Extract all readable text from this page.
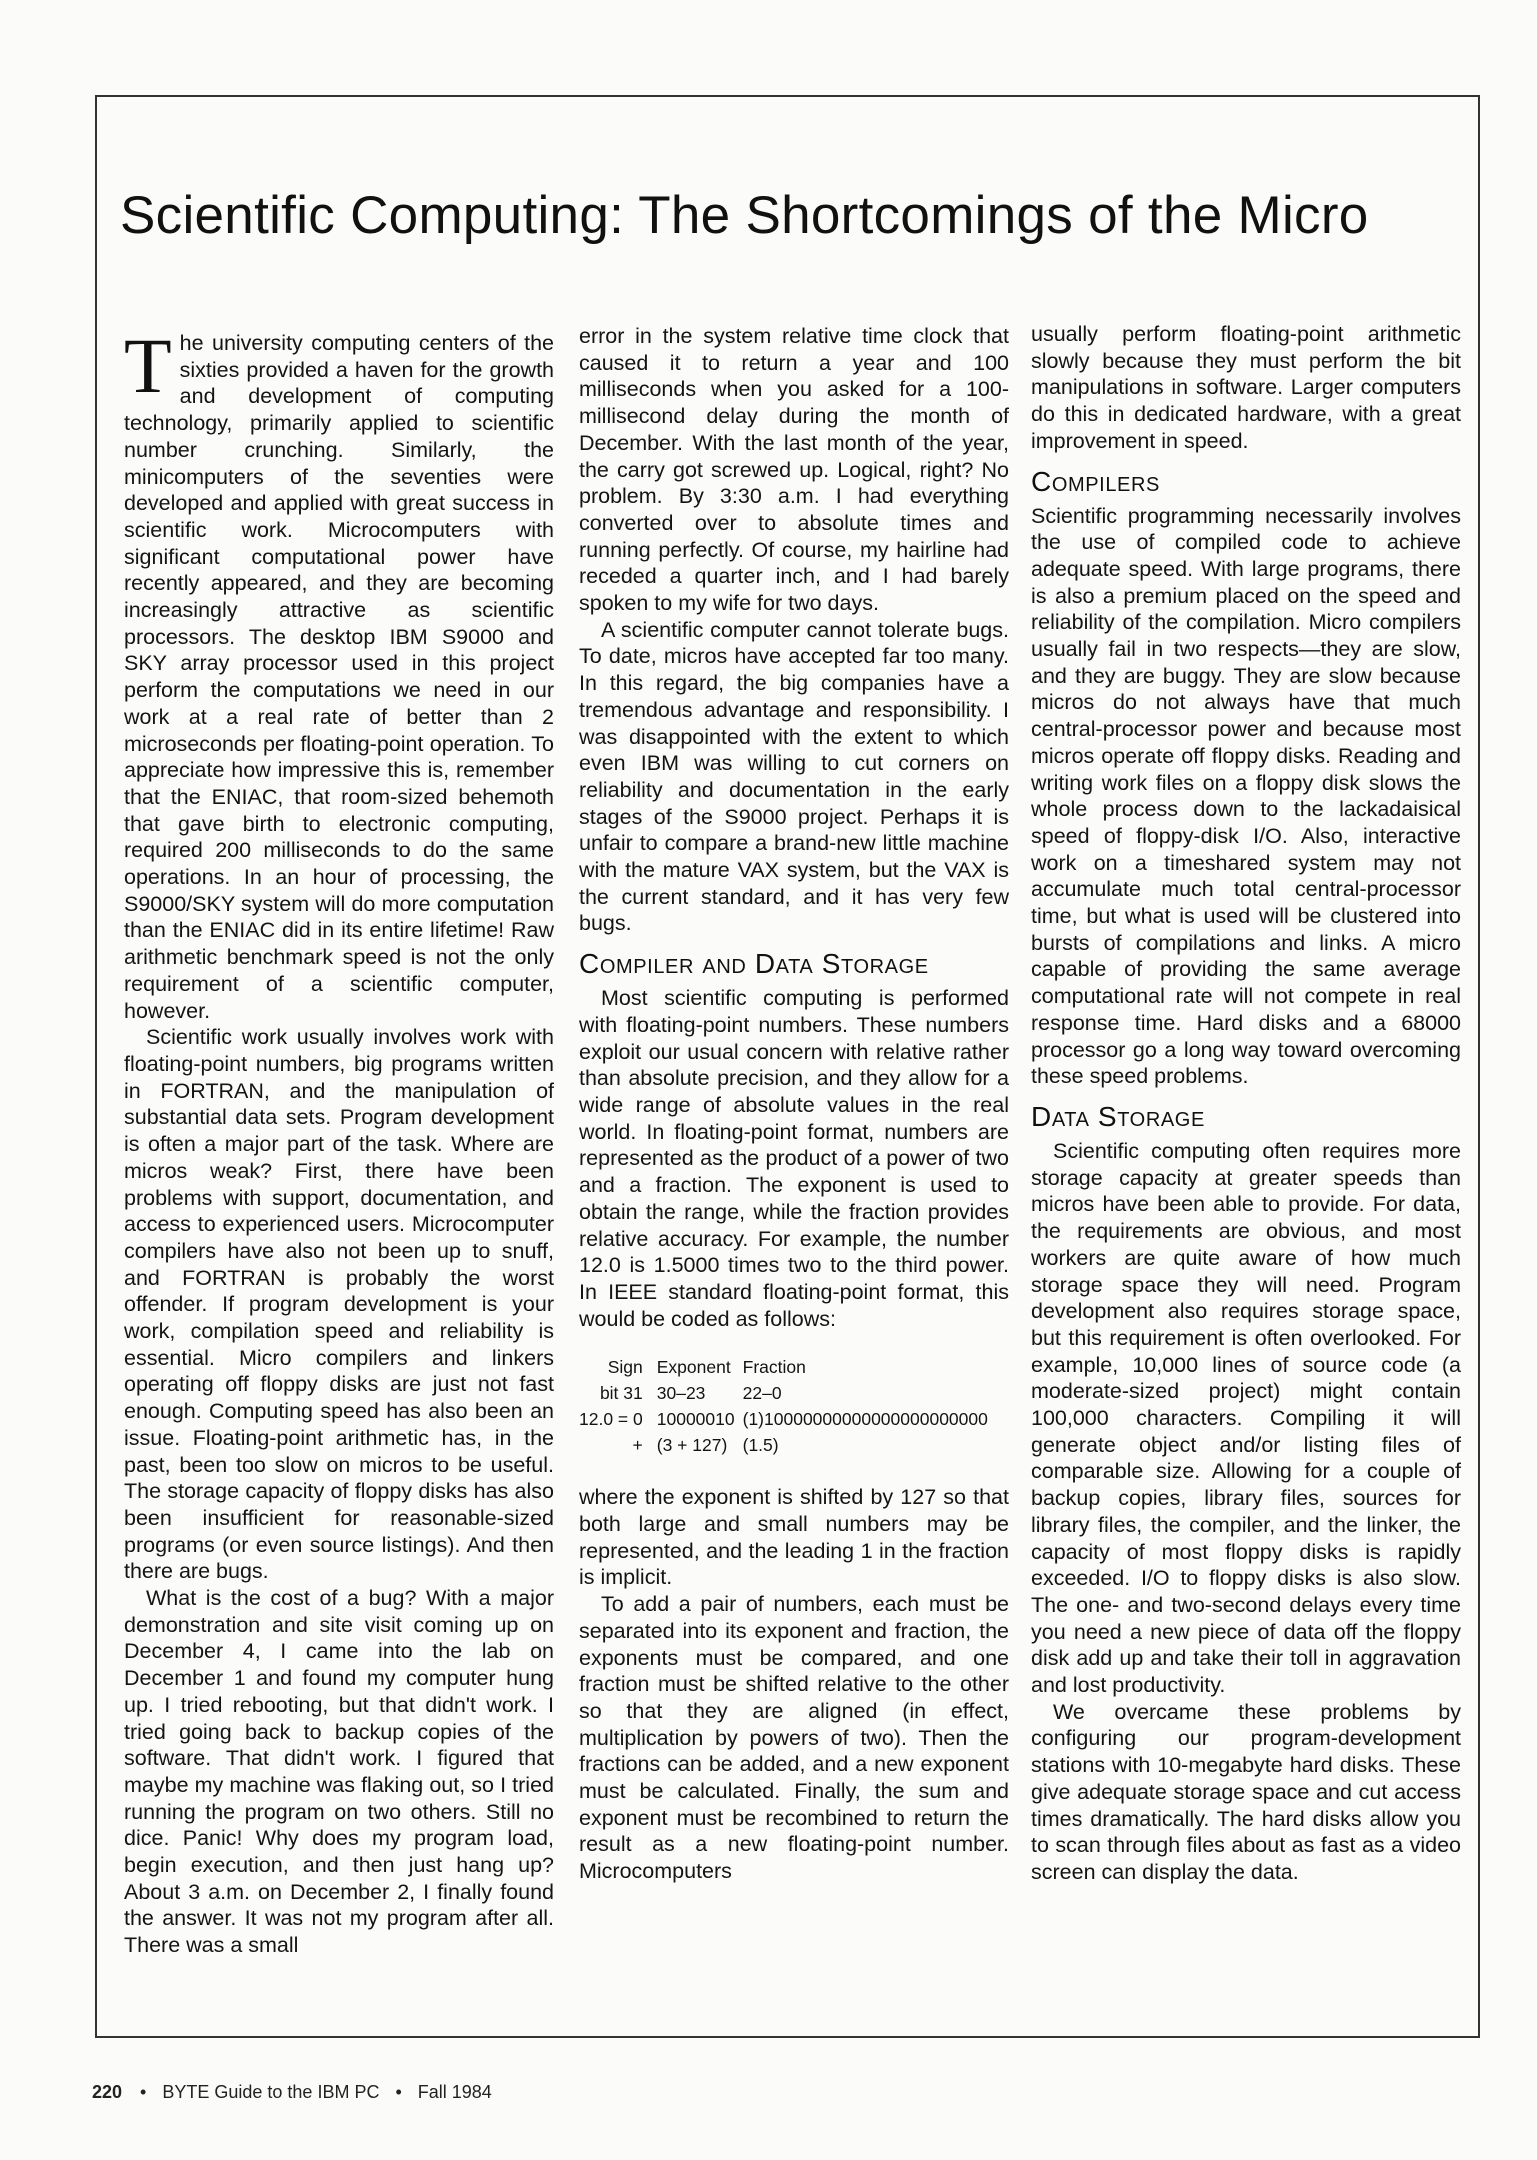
Scientific Computing: The Shortcomings of the Micro

The university computing centers of the sixties provided a haven for the growth and development of computing technology, primarily applied to scientific number crunching. Similarly, the minicomputers of the seventies were developed and applied with great success in scientific work. Microcomputers with significant computational power have recently appeared, and they are becoming increasingly attractive as scientific processors. The desktop IBM S9000 and SKY array processor used in this project perform the computations we need in our work at a real rate of better than 2 microseconds per floating-point operation. To appreciate how impressive this is, remember that the ENIAC, that room-sized behemoth that gave birth to electronic computing, required 200 milliseconds to do the same operations. In an hour of processing, the S9000/SKY system will do more computation than the ENIAC did in its entire lifetime! Raw arithmetic benchmark speed is not the only requirement of a scientific computer, however.

Scientific work usually involves work with floating-point numbers, big programs written in FORTRAN, and the manipulation of substantial data sets. Program development is often a major part of the task. Where are micros weak? First, there have been problems with support, documentation, and access to experienced users. Microcomputer compilers have also not been up to snuff, and FORTRAN is probably the worst offender. If program development is your work, compilation speed and reliability is essential. Micro compilers and linkers operating off floppy disks are just not fast enough. Computing speed has also been an issue. Floating-point arithmetic has, in the past, been too slow on micros to be useful. The storage capacity of floppy disks has also been insufficient for reasonable-sized programs (or even source listings). And then there are bugs.

What is the cost of a bug? With a major demonstration and site visit coming up on December 4, I came into the lab on December 1 and found my computer hung up. I tried rebooting, but that didn't work. I tried going back to backup copies of the software. That didn't work. I figured that maybe my machine was flaking out, so I tried running the program on two others. Still no dice. Panic! Why does my program load, begin execution, and then just hang up? About 3 a.m. on December 2, I finally found the answer. It was not my program after all. There was a small

error in the system relative time clock that caused it to return a year and 100 milliseconds when you asked for a 100-millisecond delay during the month of December. With the last month of the year, the carry got screwed up. Logical, right? No problem. By 3:30 a.m. I had everything converted over to absolute times and running perfectly. Of course, my hairline had receded a quarter inch, and I had barely spoken to my wife for two days.

A scientific computer cannot tolerate bugs. To date, micros have accepted far too many. In this regard, the big companies have a tremendous advantage and responsibility. I was disappointed with the extent to which even IBM was willing to cut corners on reliability and documentation in the early stages of the S9000 project. Perhaps it is unfair to compare a brand-new little machine with the mature VAX system, but the VAX is the current standard, and it has very few bugs.

Compiler and Data Storage

Most scientific computing is performed with floating-point numbers. These numbers exploit our usual concern with relative rather than absolute precision, and they allow for a wide range of absolute values in the real world. In floating-point format, numbers are represented as the product of a power of two and a fraction. The exponent is used to obtain the range, while the fraction provides relative accuracy. For example, the number 12.0 is 1.5000 times two to the third power. In IEEE standard floating-point format, this would be coded as follows:

Sign	Exponent	Fraction
bit 31	30–23	22–0
12.0 = 0	10000010	(1)10000000000000000000000
+	(3 + 127)	(1.5)

where the exponent is shifted by 127 so that both large and small numbers may be represented, and the leading 1 in the fraction is implicit.

To add a pair of numbers, each must be separated into its exponent and fraction, the exponents must be compared, and one fraction must be shifted relative to the other so that they are aligned (in effect, multiplication by powers of two). Then the fractions can be added, and a new exponent must be calculated. Finally, the sum and exponent must be recombined to return the result as a new floating-point number. Microcomputers

usually perform floating-point arithmetic slowly because they must perform the bit manipulations in software. Larger computers do this in dedicated hardware, with a great improvement in speed.

Compilers

Scientific programming necessarily involves the use of compiled code to achieve adequate speed. With large programs, there is also a premium placed on the speed and reliability of the compilation. Micro compilers usually fail in two respects—they are slow, and they are buggy. They are slow because micros do not always have that much central-processor power and because most micros operate off floppy disks. Reading and writing work files on a floppy disk slows the whole process down to the lackadaisical speed of floppy-disk I/O. Also, interactive work on a timeshared system may not accumulate much total central-processor time, but what is used will be clustered into bursts of compilations and links. A micro capable of providing the same average computational rate will not compete in real response time. Hard disks and a 68000 processor go a long way toward overcoming these speed problems.

Data Storage

Scientific computing often requires more storage capacity at greater speeds than micros have been able to provide. For data, the requirements are obvious, and most workers are quite aware of how much storage space they will need. Program development also requires storage space, but this requirement is often overlooked. For example, 10,000 lines of source code (a moderate-sized project) might contain 100,000 characters. Compiling it will generate object and/or listing files of comparable size. Allowing for a couple of backup copies, library files, sources for library files, the compiler, and the linker, the capacity of most floppy disks is rapidly exceeded. I/O to floppy disks is also slow. The one- and two-second delays every time you need a new piece of data off the floppy disk add up and take their toll in aggravation and lost productivity.

We overcame these problems by configuring our program-development stations with 10-megabyte hard disks. These give adequate storage space and cut access times dramatically. The hard disks allow you to scan through files about as fast as a video screen can display the data.

220 • BYTE Guide to the IBM PC • Fall 1984
